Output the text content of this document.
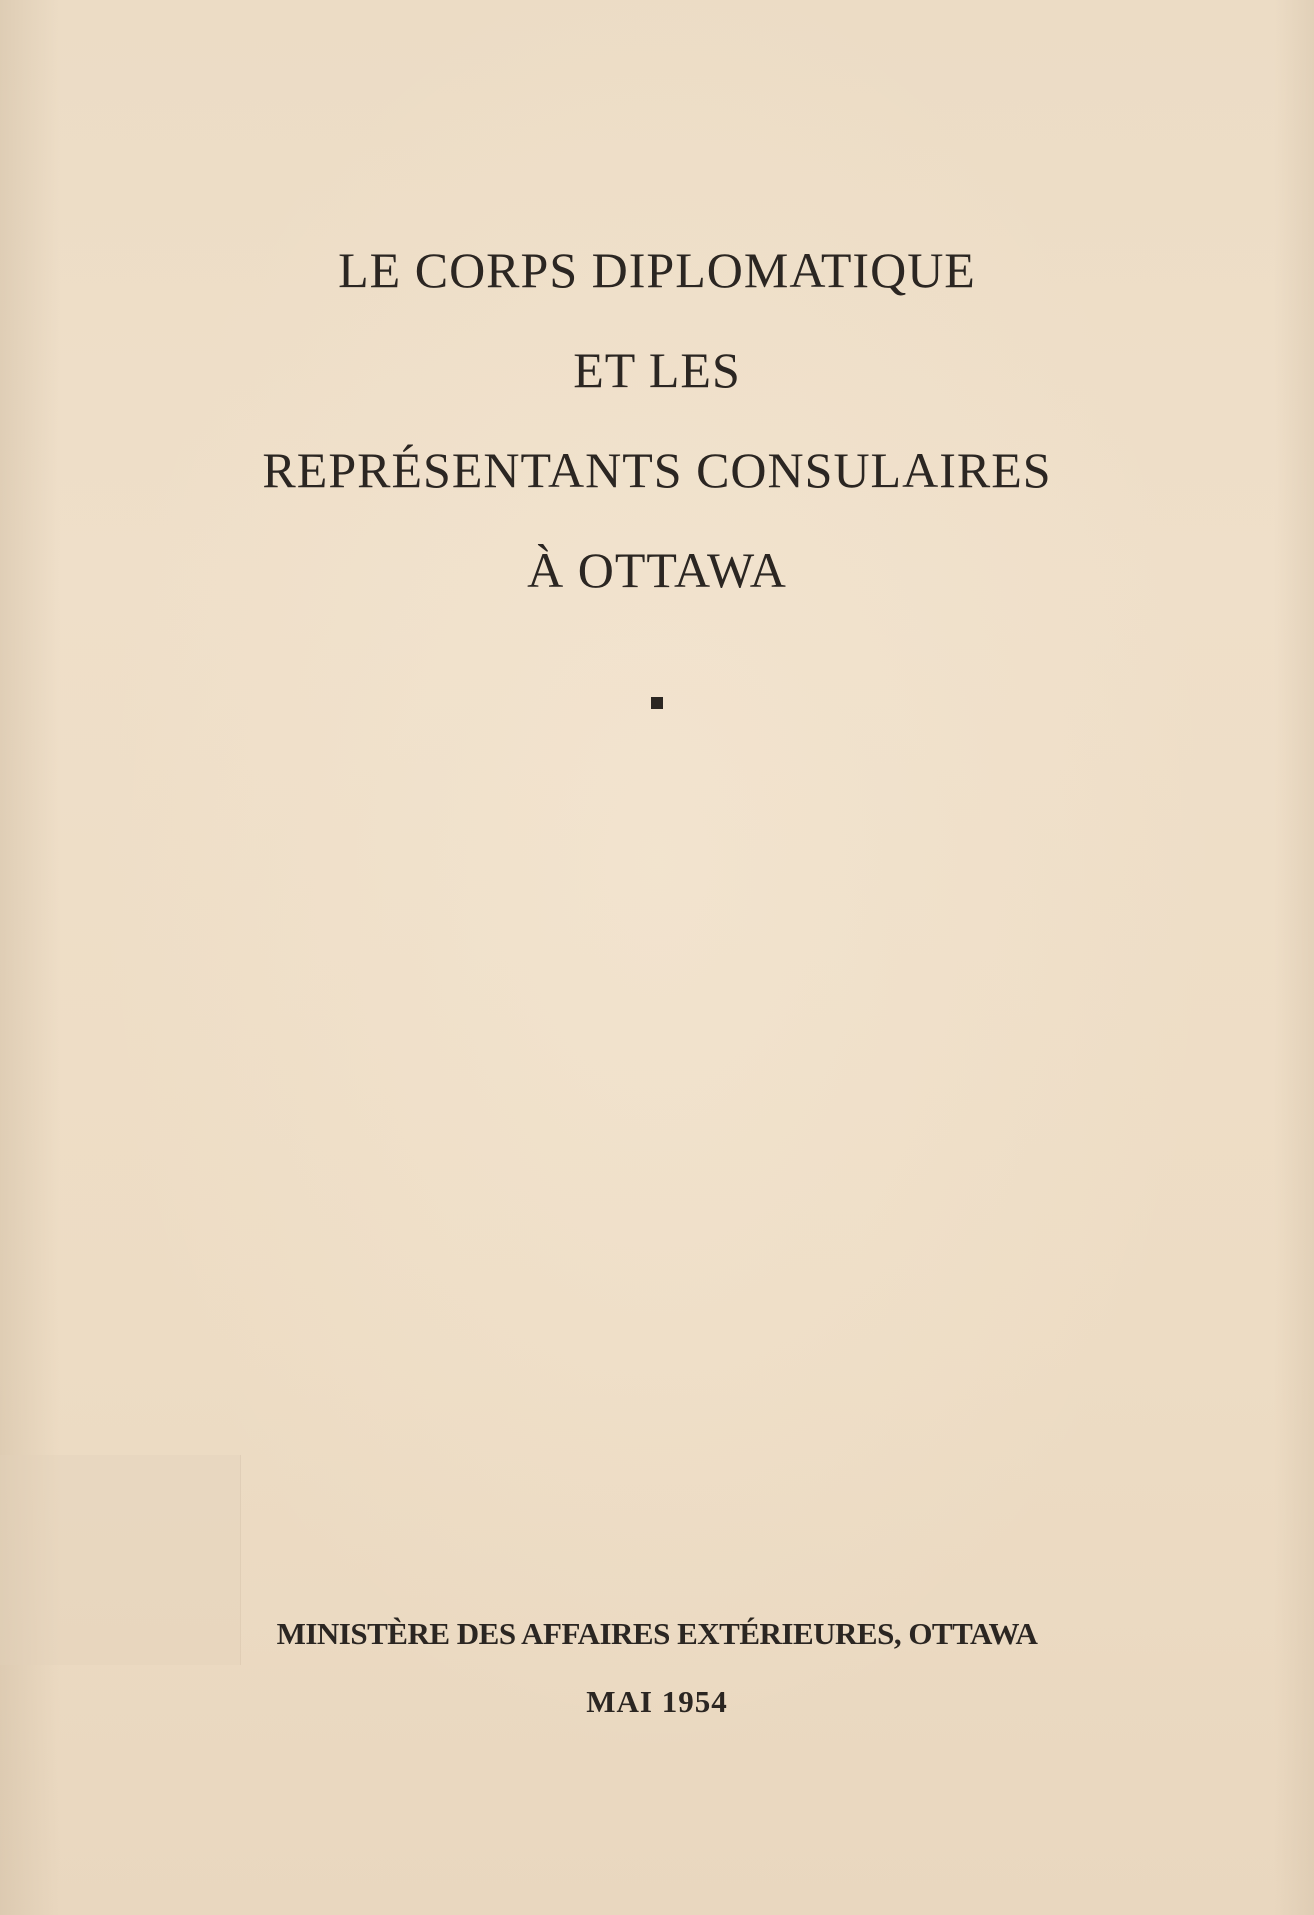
LE CORPS DIPLOMATIQUE
ET LES
REPRÉSENTANTS CONSULAIRES
À OTTAWA
MINISTÈRE DES AFFAIRES EXTÉRIEURES, OTTAWA
MAI 1954
